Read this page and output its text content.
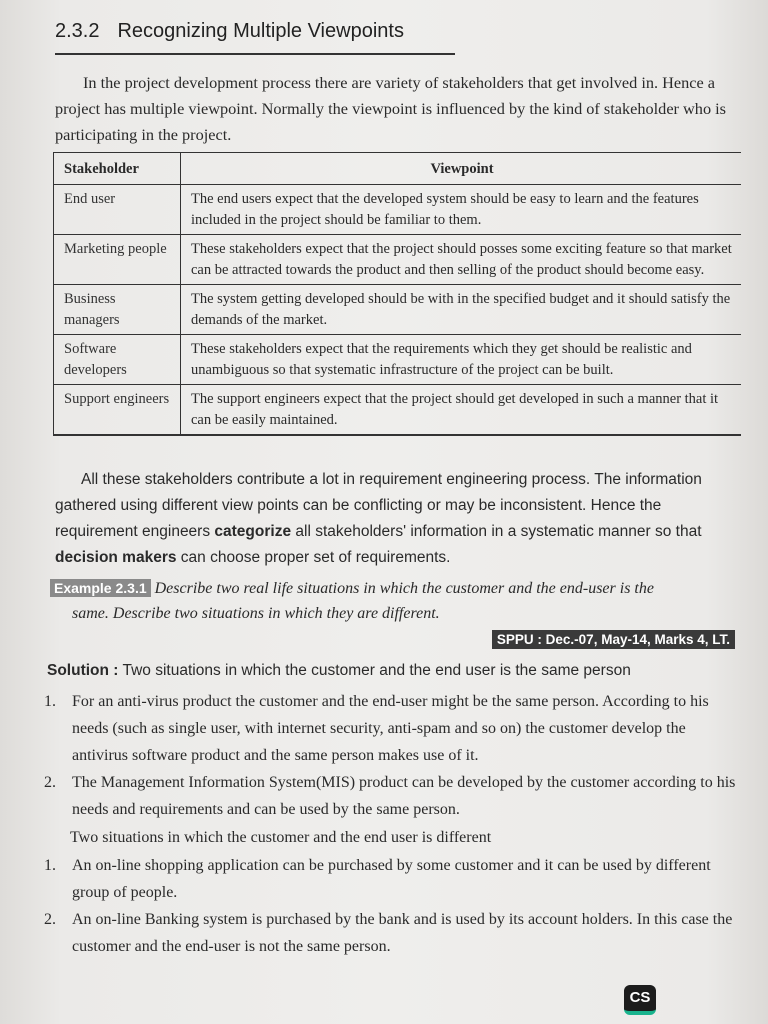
2.3.2 Recognizing Multiple Viewpoints

In the project development process there are variety of stakeholders that get involved in. Hence a project has multiple viewpoint. Normally the viewpoint is influenced by the kind of stakeholder who is participating in the project.

Stakeholder	Viewpoint
End user	The end users expect that the developed system should be easy to learn and the features included in the project should be familiar to them.
Marketing people	These stakeholders expect that the project should posses some exciting feature so that market can be attracted towards the product and then selling of the product should become easy.
Business managers	The system getting developed should be with in the specified budget and it should satisfy the demands of the market.
Software developers	These stakeholders expect that the requirements which they get should be realistic and unambiguous so that systematic infrastructure of the project can be built.
Support engineers	The support engineers expect that the project should get developed in such a manner that it can be easily maintained.

All these stakeholders contribute a lot in requirement engineering process. The information gathered using different view points can be conflicting or may be inconsistent. Hence the requirement engineers categorize all stakeholders' information in a systematic manner so that decision makers can choose proper set of requirements.

Example 2.3.1 Describe two real life situations in which the customer and the end-user is the
same. Describe two situations in which they are different.
SPPU : Dec.-07, May-14, Marks 4, LT.
Solution : Two situations in which the customer and the end user is the same person
1. For an anti-virus product the customer and the end-user might be the same person. According to his needs (such as single user, with internet security, anti-spam and so on) the customer develop the antivirus software product and the same person makes use of it.
2. The Management Information System(MIS) product can be developed by the customer according to his needs and requirements and can be used by the same person.
Two situations in which the customer and the end user is different
1. An on-line shopping application can be purchased by some customer and it can be used by different group of people.
2. An on-line Banking system is purchased by the bank and is used by its account holders. In this case the customer and the end-user is not the same person.
CS
